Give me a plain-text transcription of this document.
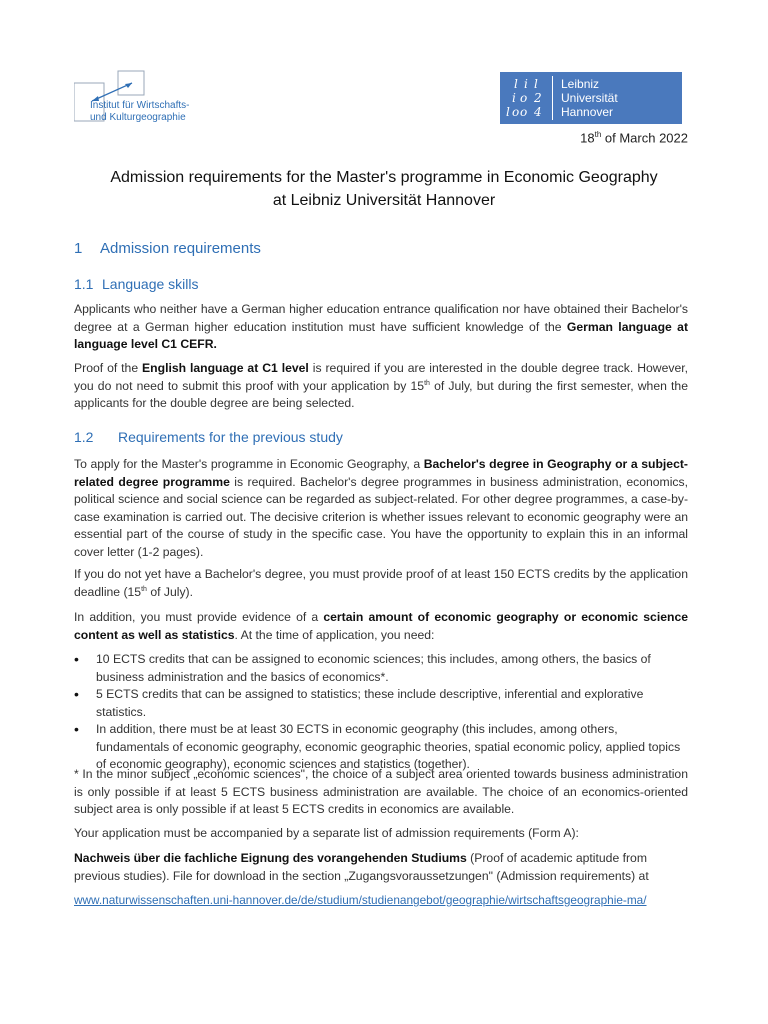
Institut für Wirtschafts-
und Kulturgeographie
l i l
i o 2
l o o 4
Leibniz
Universität
Hannover
18th of March 2022
Admission requirements for the Master's programme in Economic Geography
at Leibniz Universität Hannover
1 Admission requirements
1.1 Language skills
Applicants who neither have a German higher education entrance qualification nor have obtained their Bachelor's degree at a German higher education institution must have sufficient knowledge of the German language at language level C1 CEFR.
Proof of the English language at C1 level is required if you are interested in the double degree track. However, you do not need to submit this proof with your application by 15th of July, but during the first semester, when the applicants for the double degree are being selected.
1.2 Requirements for the previous study
To apply for the Master's programme in Economic Geography, a Bachelor's degree in Geography or a subject-related degree programme is required. Bachelor's degree programmes in business administration, economics, political science and social science can be regarded as subject-related. For other degree programmes, a case-by-case examination is carried out. The decisive criterion is whether issues relevant to economic geography were an essential part of the course of study in the specific case. You have the opportunity to explain this in an informal cover letter (1-2 pages).
If you do not yet have a Bachelor's degree, you must provide proof of at least 150 ECTS credits by the application deadline (15th of July).
In addition, you must provide evidence of a certain amount of economic geography or economic science content as well as statistics. At the time of application, you need:
• 10 ECTS credits that can be assigned to economic sciences; this includes, among others, the basics of business administration and the basics of economics*.
• 5 ECTS credits that can be assigned to statistics; these include descriptive, inferential and explorative statistics.
• In addition, there must be at least 30 ECTS in economic geography (this includes, among others, fundamentals of economic geography, economic geographic theories, spatial economic policy, applied topics of economic geography), economic sciences and statistics (together).
* In the minor subject „economic sciences", the choice of a subject area oriented towards business administration is only possible if at least 5 ECTS business administration are available. The choice of an economics-oriented subject area is only possible if at least 5 ECTS credits in economics are available.
Your application must be accompanied by a separate list of admission requirements (Form A):
Nachweis über die fachliche Eignung des vorangehenden Studiums (Proof of academic aptitude from previous studies). File for download in the section „Zugangsvoraussetzungen" (Admission requirements) at
www.naturwissenschaften.uni-hannover.de/de/studium/studienangebot/geographie/wirtschaftsgeographie-ma/
